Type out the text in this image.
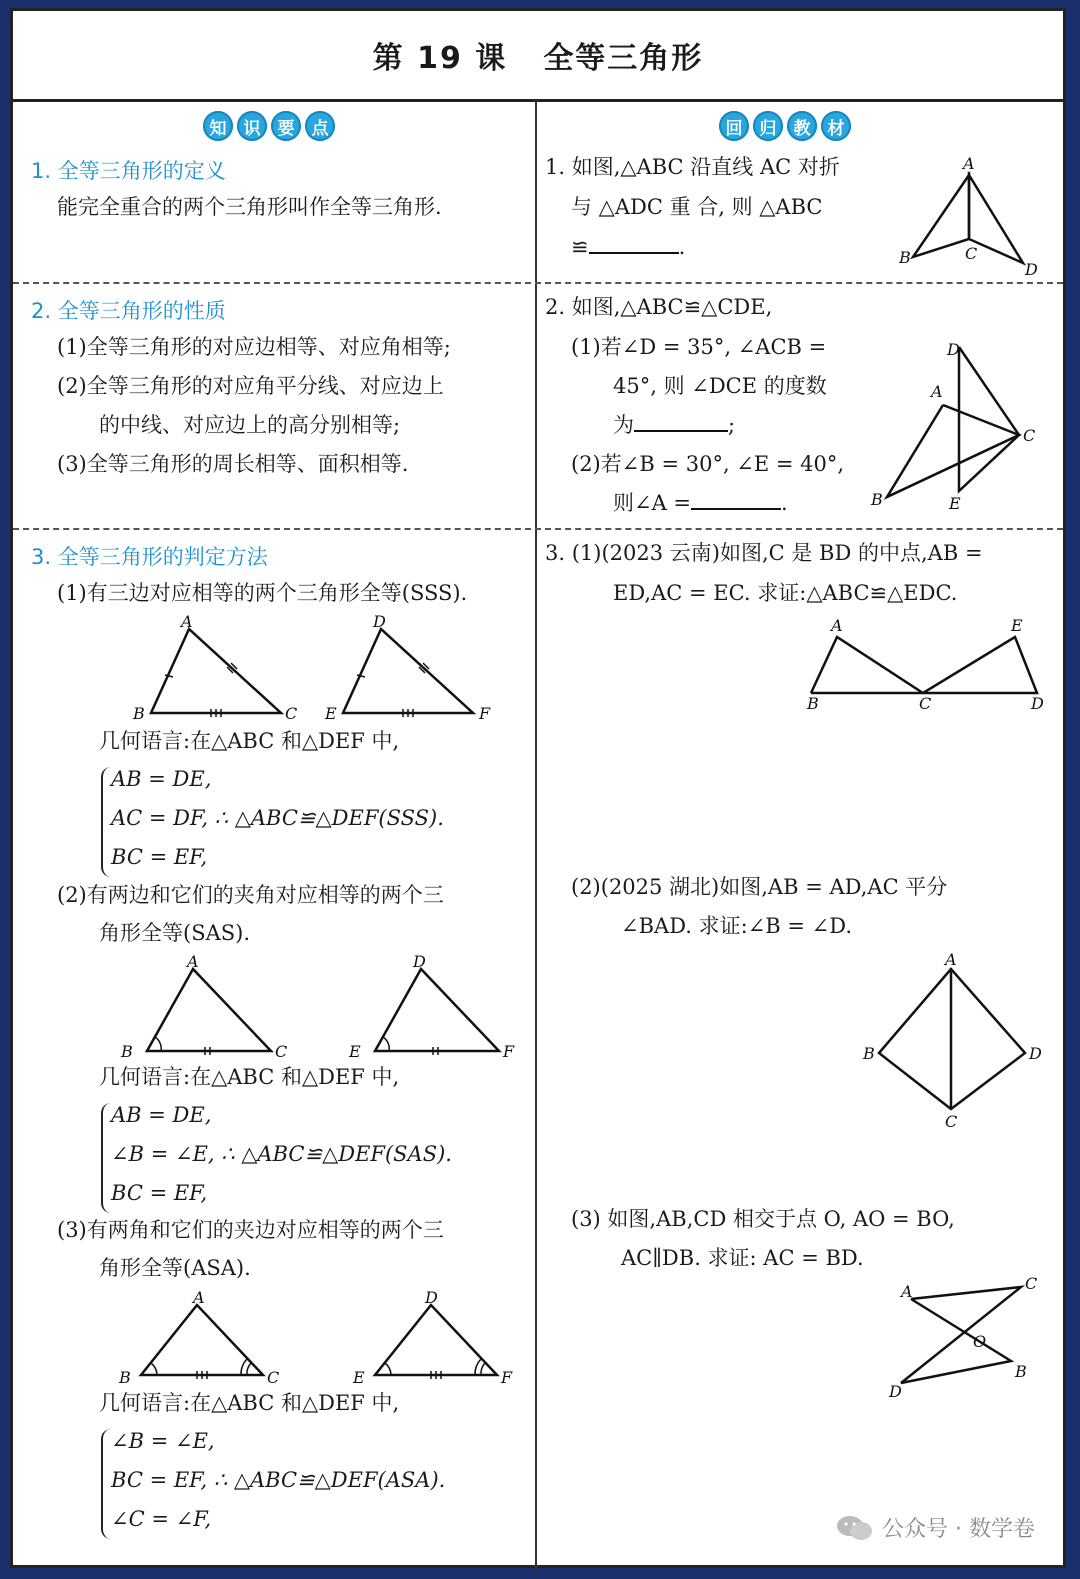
第 19 课 全等三角形
知	识	要	点	回	归	教	材
1. 全等三角形的定义
能完全重合的两个三角形叫作全等三角形.
1. 如图,△ABC 沿直线 AC 对折
与 △ADC 重 合, 则 △ABC
≌	.
A
B	C
D
2. 全等三角形的性质
(1)全等三角形的对应边相等、对应角相等;
(2)全等三角形的对应角平分线、对应边上
的中线、对应边上的高分别相等;
(3)全等三角形的周长相等、面积相等.
2. 如图,△ABC≌△CDE,
(1)若∠D = 35°, ∠ACB =
45°, 则 ∠DCE 的度数
为	;
(2)若∠B = 30°, ∠E = 40°,
则∠A =	.
D
A
C
B	E
3. 全等三角形的判定方法
(1)有三边对应相等的两个三角形全等(SSS).
A
B	C
D
E	F
几何语言:在△ABC 和△DEF 中,
AB = DE,
AC = DF, ∴ △ABC≌△DEF(SSS).
BC = EF,
(2)有两边和它们的夹角对应相等的两个三
角形全等(SAS).
A
B	C
D
E	F
几何语言:在△ABC 和△DEF 中,
AB = DE,
∠B = ∠E, ∴ △ABC≌△DEF(SAS).
BC = EF,
(3)有两角和它们的夹边对应相等的两个三
角形全等(ASA).
A
B	C
D
E	F
几何语言:在△ABC 和△DEF 中,
∠B = ∠E,
BC = EF, ∴ △ABC≌△DEF(ASA).
∠C = ∠F,
3. (1)(2023 云南)如图,C 是 BD 的中点,AB =
ED,AC = EC. 求证:△ABC≌△EDC.
A
B	C	D
E
(2)(2025 湖北)如图,AB = AD,AC 平分
∠BAD. 求证:∠B = ∠D.
A
B
C
D
(3) 如图,AB,CD 相交于点 O, AO = BO,
AC∥DB. 求证: AC = BD.
A	C
O
B
D
公众号 · 数学卷
